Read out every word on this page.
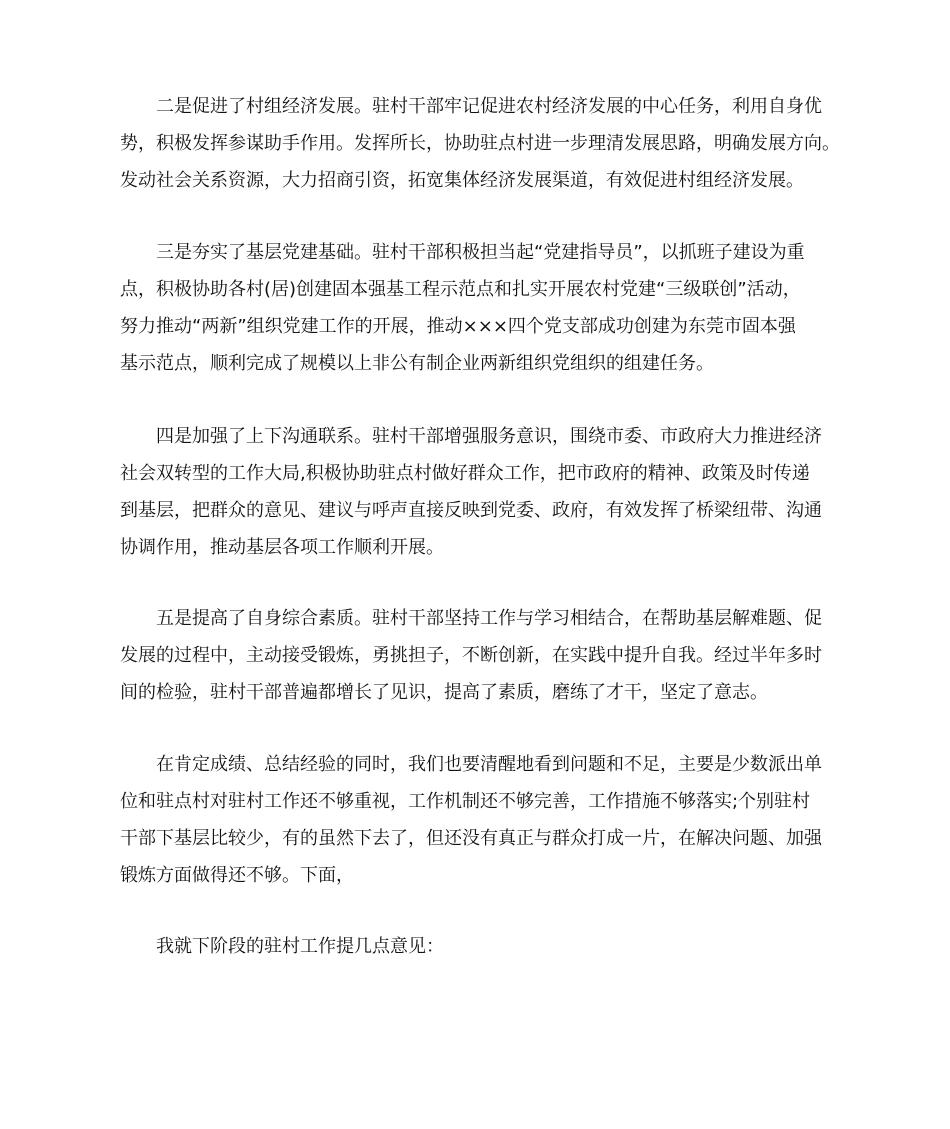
二是促进了村组经济发展。驻村干部牢记促进农村经济发展的中心任务，利用自身优
势，积极发挥参谋助手作用。发挥所长，协助驻点村进一步理清发展思路，明确发展方向。
发动社会关系资源，大力招商引资，拓宽集体经济发展渠道，有效促进村组经济发展。
三是夯实了基层党建基础。驻村干部积极担当起“党建指导员”，以抓班子建设为重
点，积极协助各村(居)创建固本强基工程示范点和扎实开展农村党建“三级联创”活动，
努力推动“两新”组织党建工作的开展，推动×××四个党支部成功创建为东莞市固本强
基示范点，顺利完成了规模以上非公有制企业两新组织党组织的组建任务。
四是加强了上下沟通联系。驻村干部增强服务意识，围绕市委、市政府大力推进经济
社会双转型的工作大局,积极协助驻点村做好群众工作，把市政府的精神、政策及时传递
到基层，把群众的意见、建议与呼声直接反映到党委、政府，有效发挥了桥梁纽带、沟通
协调作用，推动基层各项工作顺利开展。
五是提高了自身综合素质。驻村干部坚持工作与学习相结合，在帮助基层解难题、促
发展的过程中，主动接受锻炼，勇挑担子，不断创新，在实践中提升自我。经过半年多时
间的检验，驻村干部普遍都增长了见识，提高了素质，磨练了才干，坚定了意志。
在肯定成绩、总结经验的同时，我们也要清醒地看到问题和不足，主要是少数派出单
位和驻点村对驻村工作还不够重视，工作机制还不够完善，工作措施不够落实;个别驻村
干部下基层比较少，有的虽然下去了，但还没有真正与群众打成一片，在解决问题、加强
锻炼方面做得还不够。下面，
我就下阶段的驻村工作提几点意见：
